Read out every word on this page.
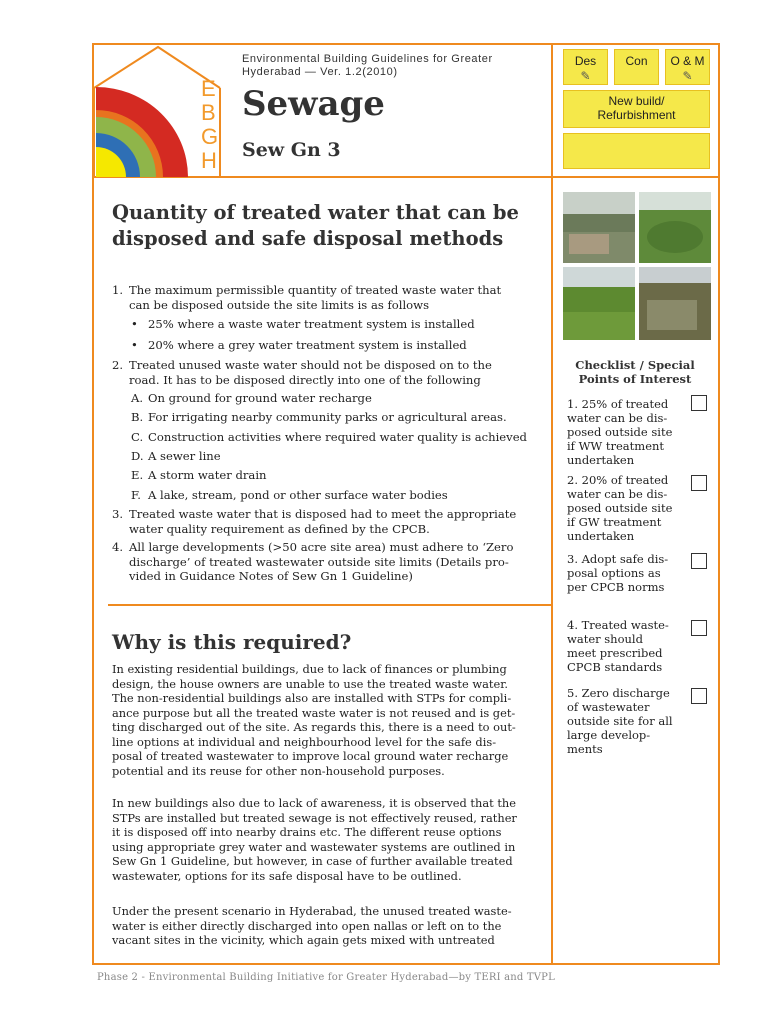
E
B
G
H
Environmental Building Guidelines for Greater Hyderabad — Ver. 1.2(2010)
Sewage
Sew Gn 3
Des
✎
Con	O & M
✎
New build/
Refurbishment
Quantity of treated water that can be disposed and safe disposal methods
1. The maximum permissible quantity of treated waste water that
can be disposed outside the site limits is as follows
• 25% where a waste water treatment system is installed
• 20% where a grey water treatment system is installed
2. Treated unused waste water should not be disposed on to the
road. It has to be disposed directly into one of the following
A. On ground for ground water recharge
B. For irrigating nearby community parks or agricultural areas.
C. Construction activities where required water quality is achieved
D. A sewer line
E. A storm water drain
F. A lake, stream, pond or other surface water bodies
3. Treated waste water that is disposed had to meet the appropriate
water quality requirement as defined by the CPCB.
4. All large developments (>50 acre site area) must adhere to ‘Zero
discharge’ of treated wastewater outside site limits (Details pro-
vided in Guidance Notes of Sew Gn 1 Guideline)
Why is this required?
In existing residential buildings, due to lack of finances or plumbing
design, the house owners are unable to use the treated waste water.
The non-residential buildings also are installed with STPs for compli-
ance purpose but all the treated waste water is not reused and is get-
ting discharged out of the site. As regards this, there is a need to out-
line options at individual and neighbourhood level for the safe dis-
posal of treated wastewater to improve local ground water recharge
potential and its reuse for other non-household purposes.
In new buildings also due to lack of awareness, it is observed that the
STPs are installed but treated sewage is not effectively reused, rather
it is disposed off into nearby drains etc. The different reuse options
using appropriate grey water and wastewater systems are outlined in
Sew Gn 1 Guideline, but however, in case of further available treated
wastewater, options for its safe disposal have to be outlined.
Under the present scenario in Hyderabad, the unused treated waste-
water is either directly discharged into open nallas or left on to the
vacant sites in the vicinity, which again gets mixed with untreated
Checklist / Special
Points of Interest
1. 25% of treated
water can be dis-
posed outside site
if WW treatment
undertaken
2. 20% of treated
water can be dis-
posed outside site
if GW treatment
undertaken
3. Adopt safe dis-
posal options as
per CPCB norms
4. Treated waste-
water should
meet prescribed
CPCB standards
5. Zero discharge
of wastewater
outside site for all
large develop-
ments
Phase 2 - Environmental Building Initiative for Greater Hyderabad—by TERI and TVPL
